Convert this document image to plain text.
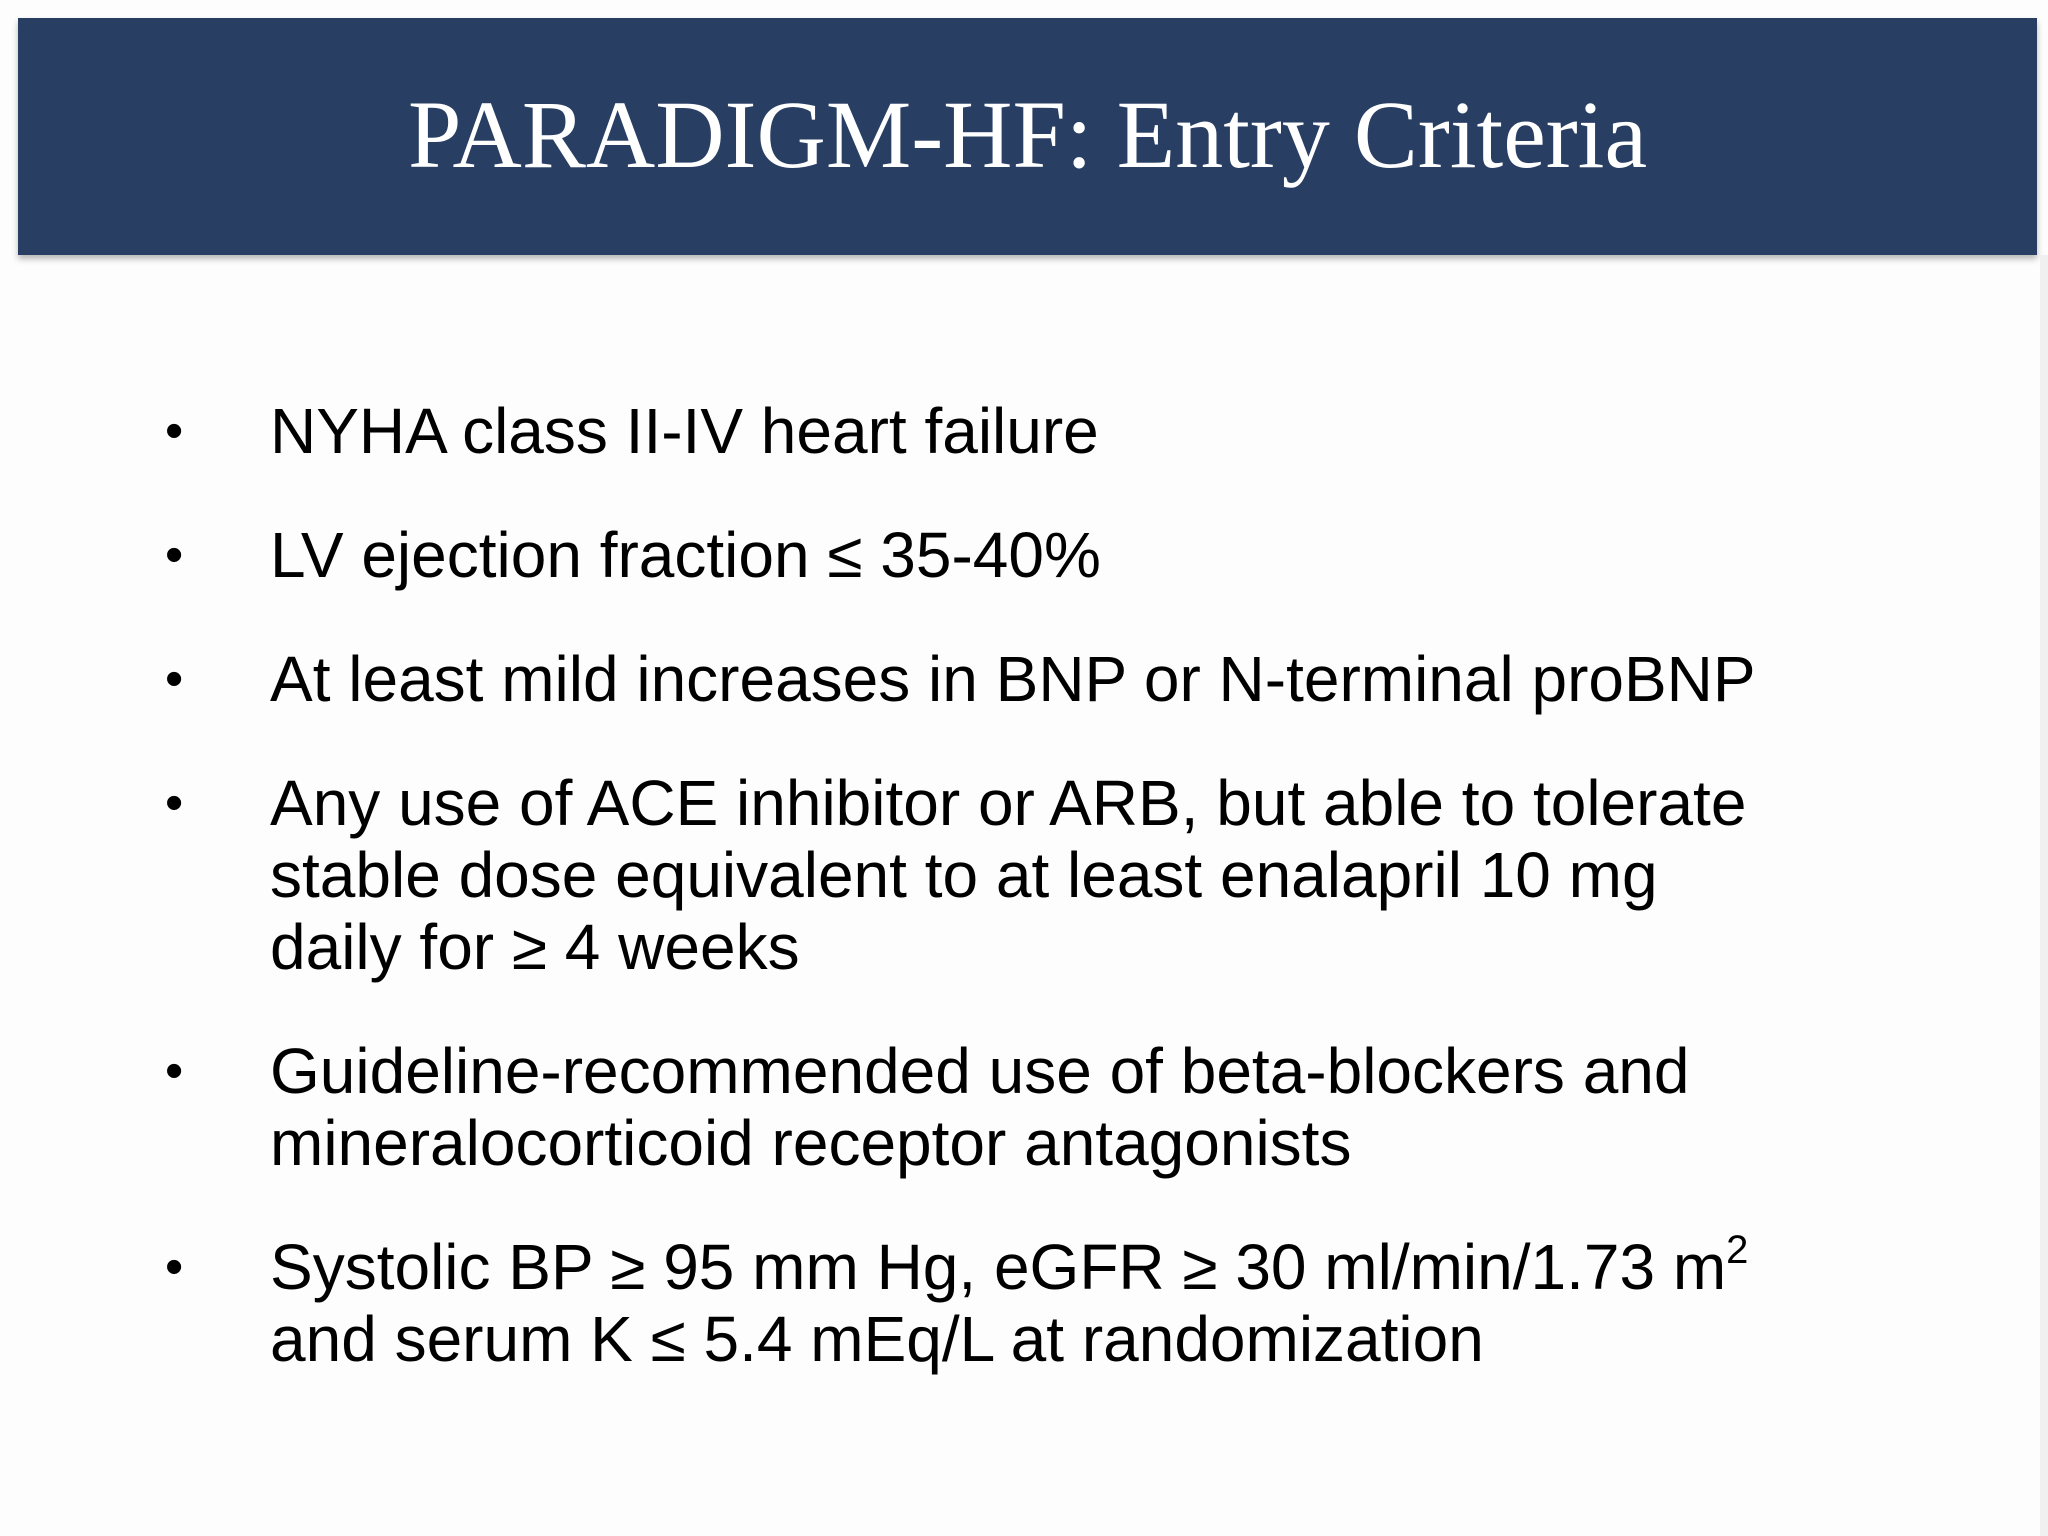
PARADIGM-HF: Entry Criteria
•	NYHA class II-IV heart failure
•	LV ejection fraction ≤ 35-40%
•	At least mild increases in BNP or N-terminal proBNP
•	Any use of ACE inhibitor or ARB, but able to tolerate
stable dose equivalent to at least enalapril 10 mg
daily for ≥ 4 weeks
•	Guideline-recommended use of beta-blockers and
mineralocorticoid receptor antagonists
•	Systolic BP ≥ 95 mm Hg, eGFR ≥ 30 ml/min/1.73 $m^2$
and serum K ≤ 5.4 mEq/L at randomization
